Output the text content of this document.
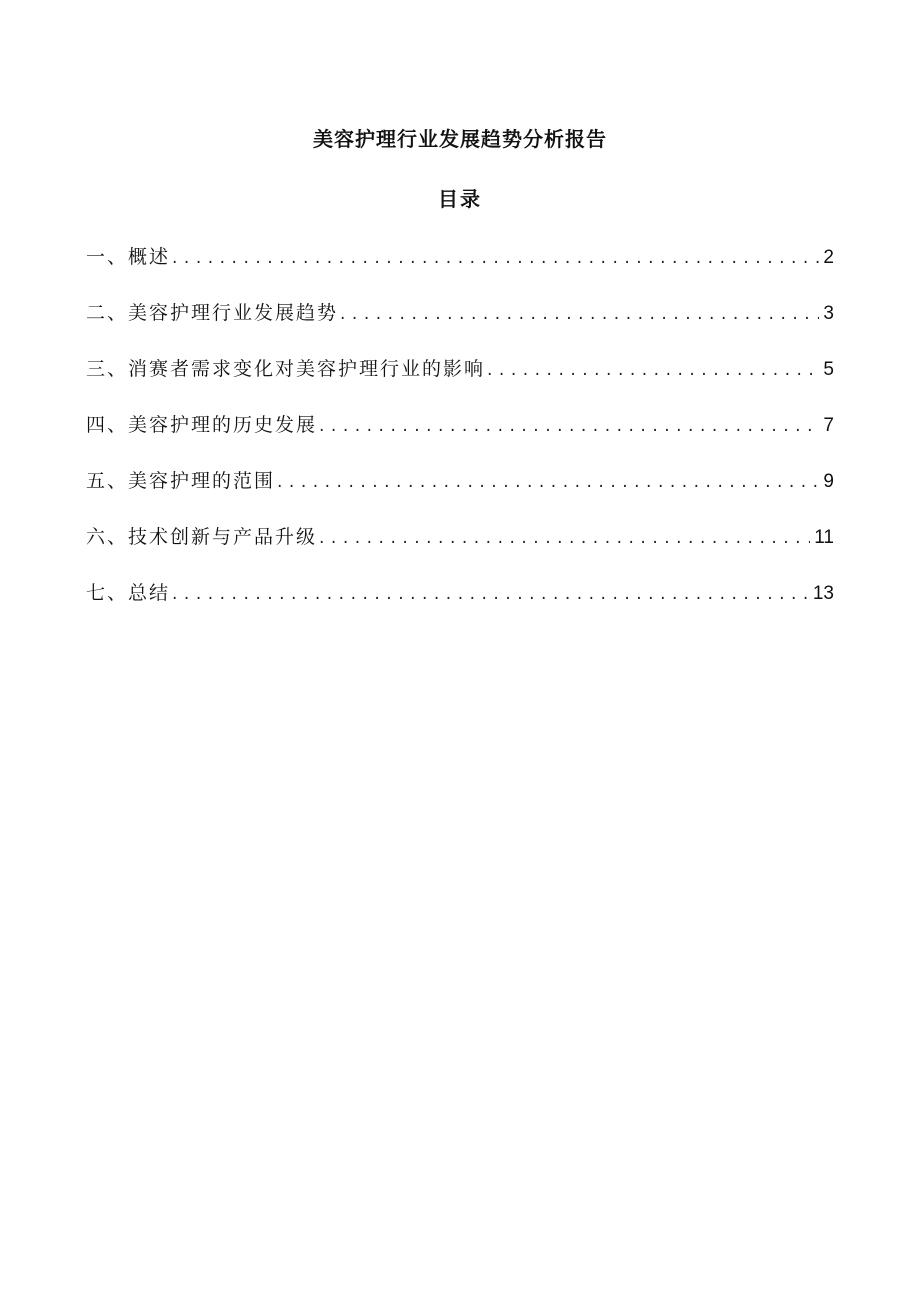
美容护理行业发展趋势分析报告
目录
一、概述 .....	2
二、美容护理行业发展趋势 .....	3
三、消赛者需求变化对美容护理行业的影响 .....	5
四、美容护理的历史发展 .....	7
五、美容护理的范围 .....	9
六、技术创新与产品升级 .....	11
七、总结 .....	13
